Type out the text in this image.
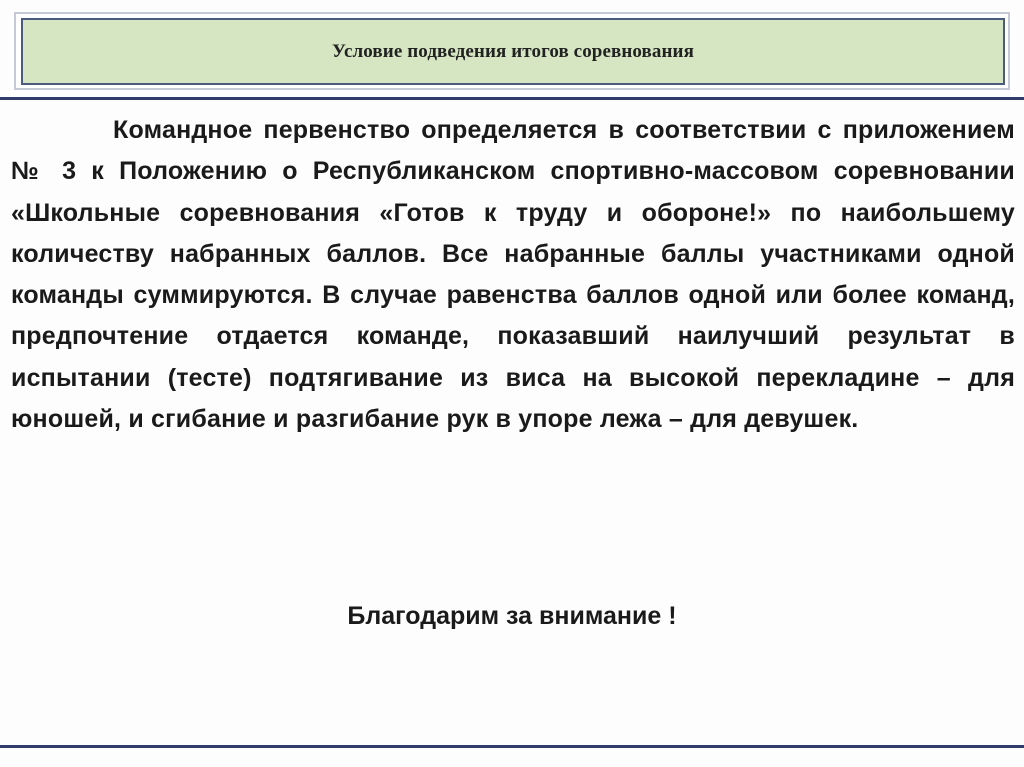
Условие подведения итогов соревнования

Командное первенство определяется в соответствии с приложением № 3 к Положению о Республиканском спортивно-массовом соревновании «Школьные соревнования «Готов к труду и обороне!» по наибольшему количеству набранных баллов. Все набранные баллы участниками одной команды суммируются. В случае равенства баллов одной или более команд, предпочтение отдается команде, показавший наилучший результат в испытании (тесте) подтягивание из виса на высокой перекладине – для юношей, и сгибание и разгибание рук в упоре лежа – для девушек.

Благодарим за внимание !
